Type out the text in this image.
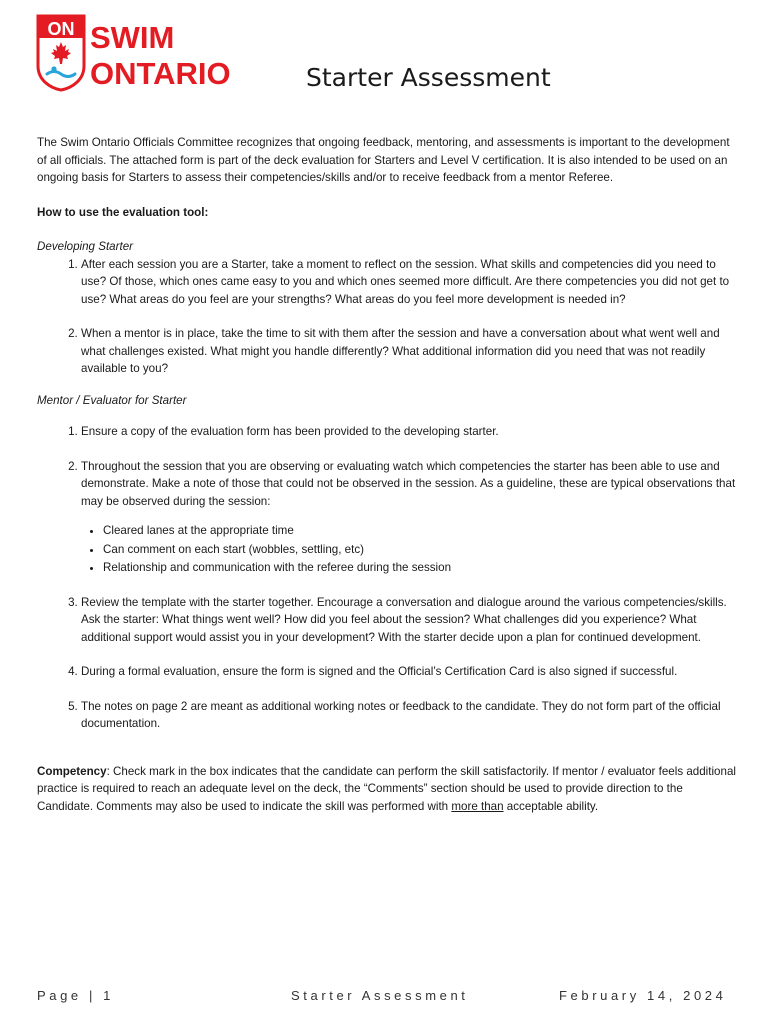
ON SWIM
ONTARIO	Starter Assessment

The Swim Ontario Officials Committee recognizes that ongoing feedback, mentoring, and assessments is important to the development of all officials. The attached form is part of the deck evaluation for Starters and Level V certification. It is also intended to be used on an ongoing basis for Starters to assess their competencies/skills and/or to receive feedback from a mentor Referee.

How to use the evaluation tool:

Developing Starter

1. After each session you are a Starter, take a moment to reflect on the session. What skills and competencies did you need to use? Of those, which ones came easy to you and which ones seemed more difficult. Are there competencies you did not get to use? What areas do you feel are your strengths? What areas do you feel more development is needed in?
2. When a mentor is in place, take the time to sit with them after the session and have a conversation about what went well and what challenges existed. What might you handle differently? What additional information did you need that was not readily available to you?

Mentor / Evaluator for Starter

1. Ensure a copy of the evaluation form has been provided to the developing starter.
2. Throughout the session that you are observing or evaluating watch which competencies the starter has been able to use and demonstrate. Make a note of those that could not be observed in the session. As a guideline, these are typical observations that may be observed during the session:
• Cleared lanes at the appropriate time
• Can comment on each start (wobbles, settling, etc)
• Relationship and communication with the referee during the session
3. Review the template with the starter together. Encourage a conversation and dialogue around the various competencies/skills. Ask the starter: What things went well? How did you feel about the session? What challenges did you experience? What additional support would assist you in your development? With the starter decide upon a plan for continued development.
4. During a formal evaluation, ensure the form is signed and the Official’s Certification Card is also signed if successful.
5. The notes on page 2 are meant as additional working notes or feedback to the candidate. They do not form part of the official documentation.

Competency: Check mark in the box indicates that the candidate can perform the skill satisfactorily. If mentor / evaluator feels additional practice is required to reach an adequate level on the deck, the “Comments” section should be used to provide direction to the Candidate. Comments may also be used to indicate the skill was performed with more than acceptable ability.

Page | 1	Starter Assessment	February 14, 2024
